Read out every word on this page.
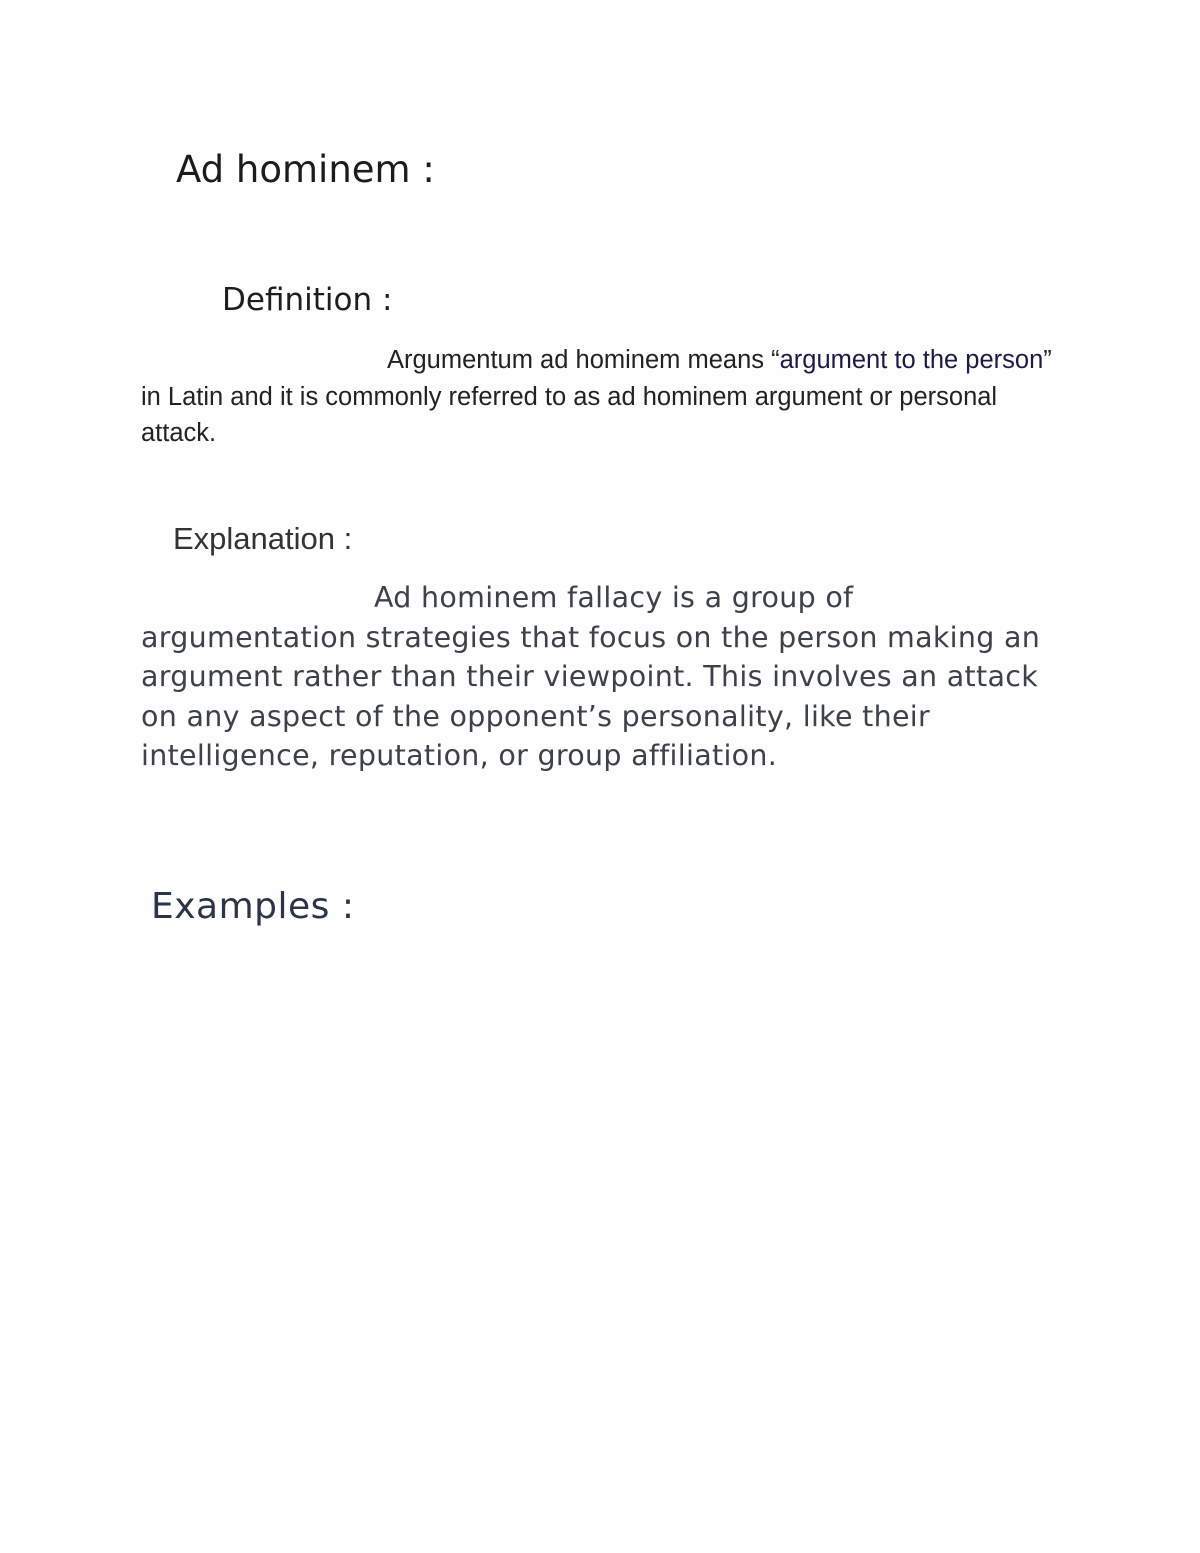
Ad hominem :
Definition :

Argumentum ad hominem means “argument to the person” in Latin and it is commonly referred to as ad hominem argument or personal attack.

Explanation :

Ad hominem fallacy is a group of argumentation strategies that focus on the person making an argument rather than their viewpoint. This involves an attack on any aspect of the opponent’s personality, like their intelligence, reputation, or group affiliation.

Examples :
